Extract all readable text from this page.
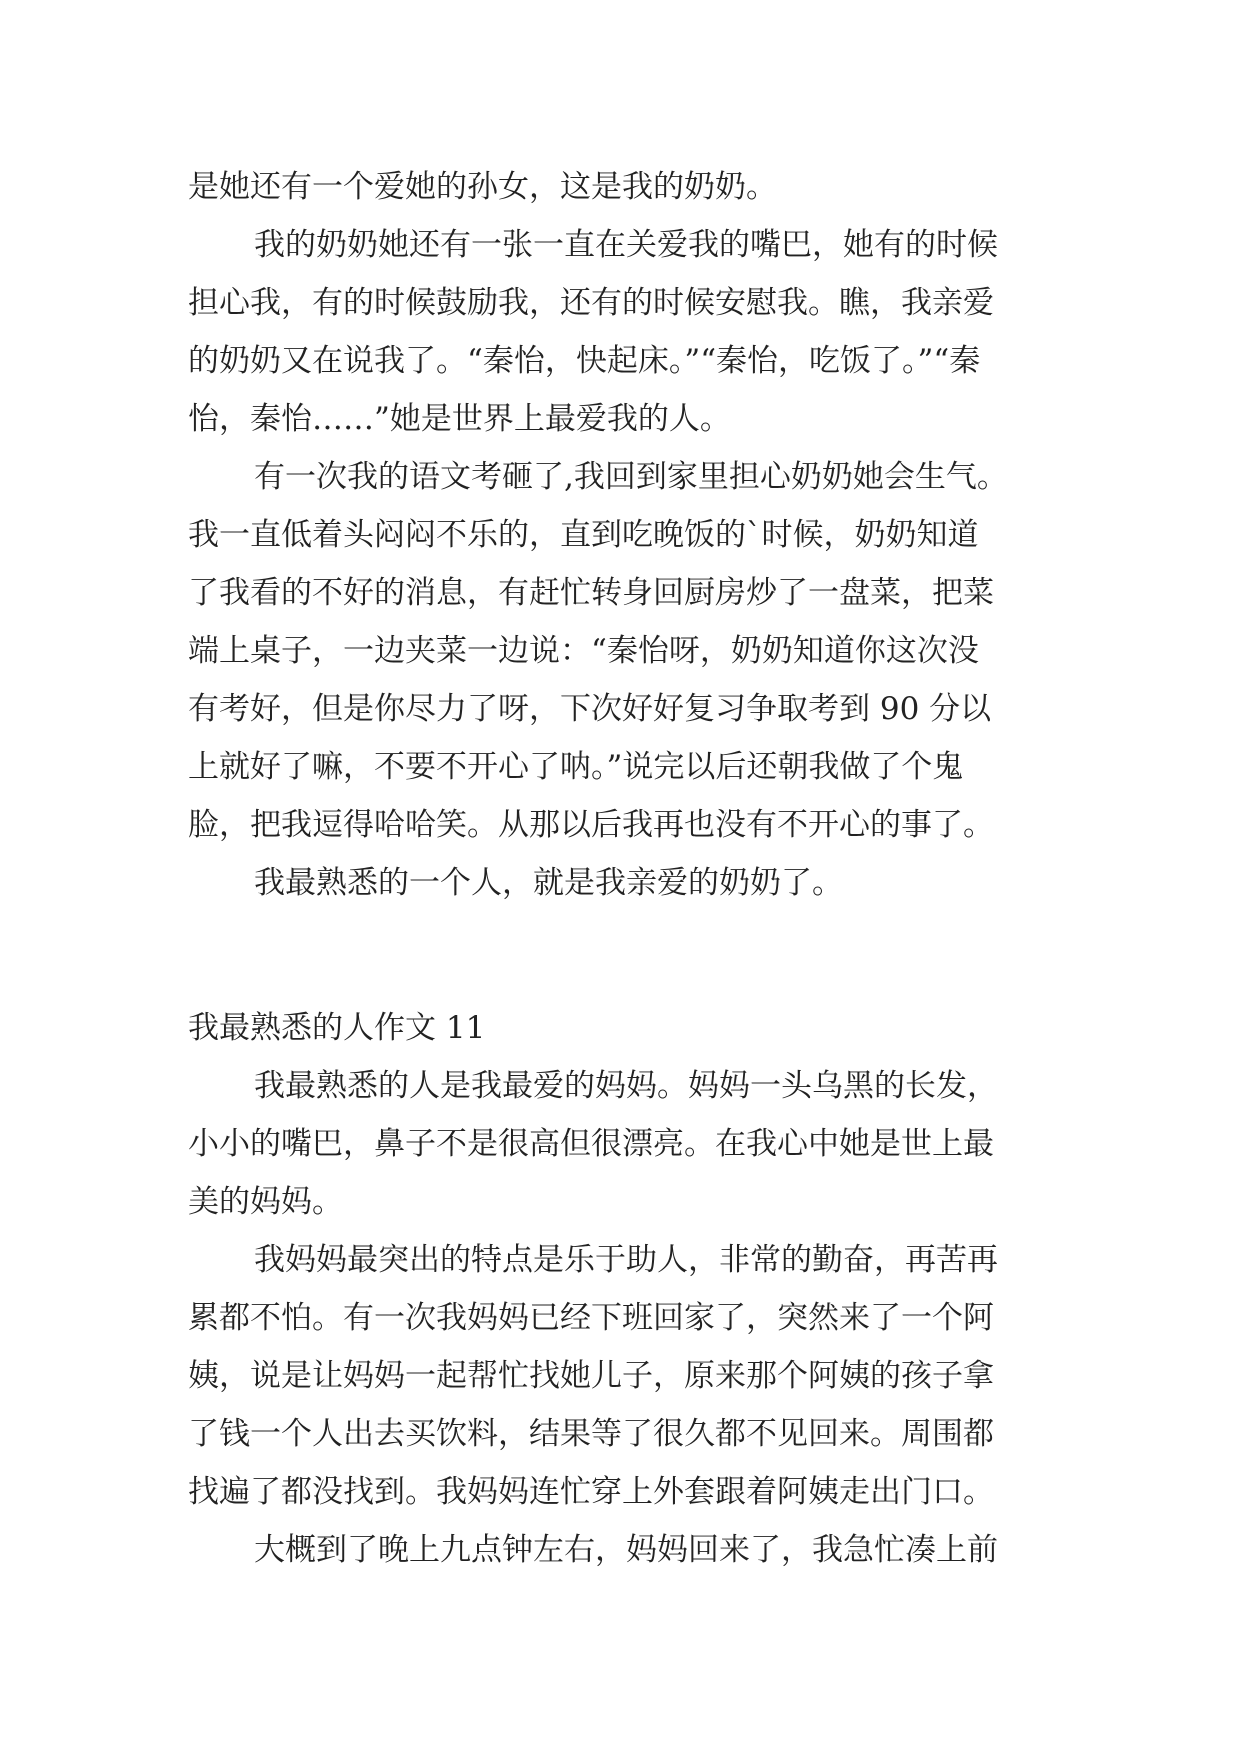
是她还有一个爱她的孙女，这是我的奶奶。
我的奶奶她还有一张一直在关爱我的嘴巴，她有的时候
担心我，有的时候鼓励我，还有的时候安慰我。瞧，我亲爱
的奶奶又在说我了。“秦怡，快起床。”“秦怡，吃饭了。”“秦
怡，秦怡……”她是世界上最爱我的人。
有一次我的语文考砸了,我回到家里担心奶奶她会生气。
我一直低着头闷闷不乐的，直到吃晚饭的`时候，奶奶知道
了我看的不好的消息，有赶忙转身回厨房炒了一盘菜，把菜
端上桌子，一边夹菜一边说：“秦怡呀，奶奶知道你这次没
有考好，但是你尽力了呀，下次好好复习争取考到 90 分以
上就好了嘛，不要不开心了呐。”说完以后还朝我做了个鬼
脸，把我逗得哈哈笑。从那以后我再也没有不开心的事了。
我最熟悉的一个人，就是我亲爱的奶奶了。
我最熟悉的人作文 11
我最熟悉的人是我最爱的妈妈。妈妈一头乌黑的长发，
小小的嘴巴，鼻子不是很高但很漂亮。在我心中她是世上最
美的妈妈。
我妈妈最突出的特点是乐于助人，非常的勤奋，再苦再
累都不怕。有一次我妈妈已经下班回家了，突然来了一个阿
姨，说是让妈妈一起帮忙找她儿子，原来那个阿姨的孩子拿
了钱一个人出去买饮料，结果等了很久都不见回来。周围都
找遍了都没找到。我妈妈连忙穿上外套跟着阿姨走出门口。
大概到了晚上九点钟左右，妈妈回来了，我急忙凑上前
